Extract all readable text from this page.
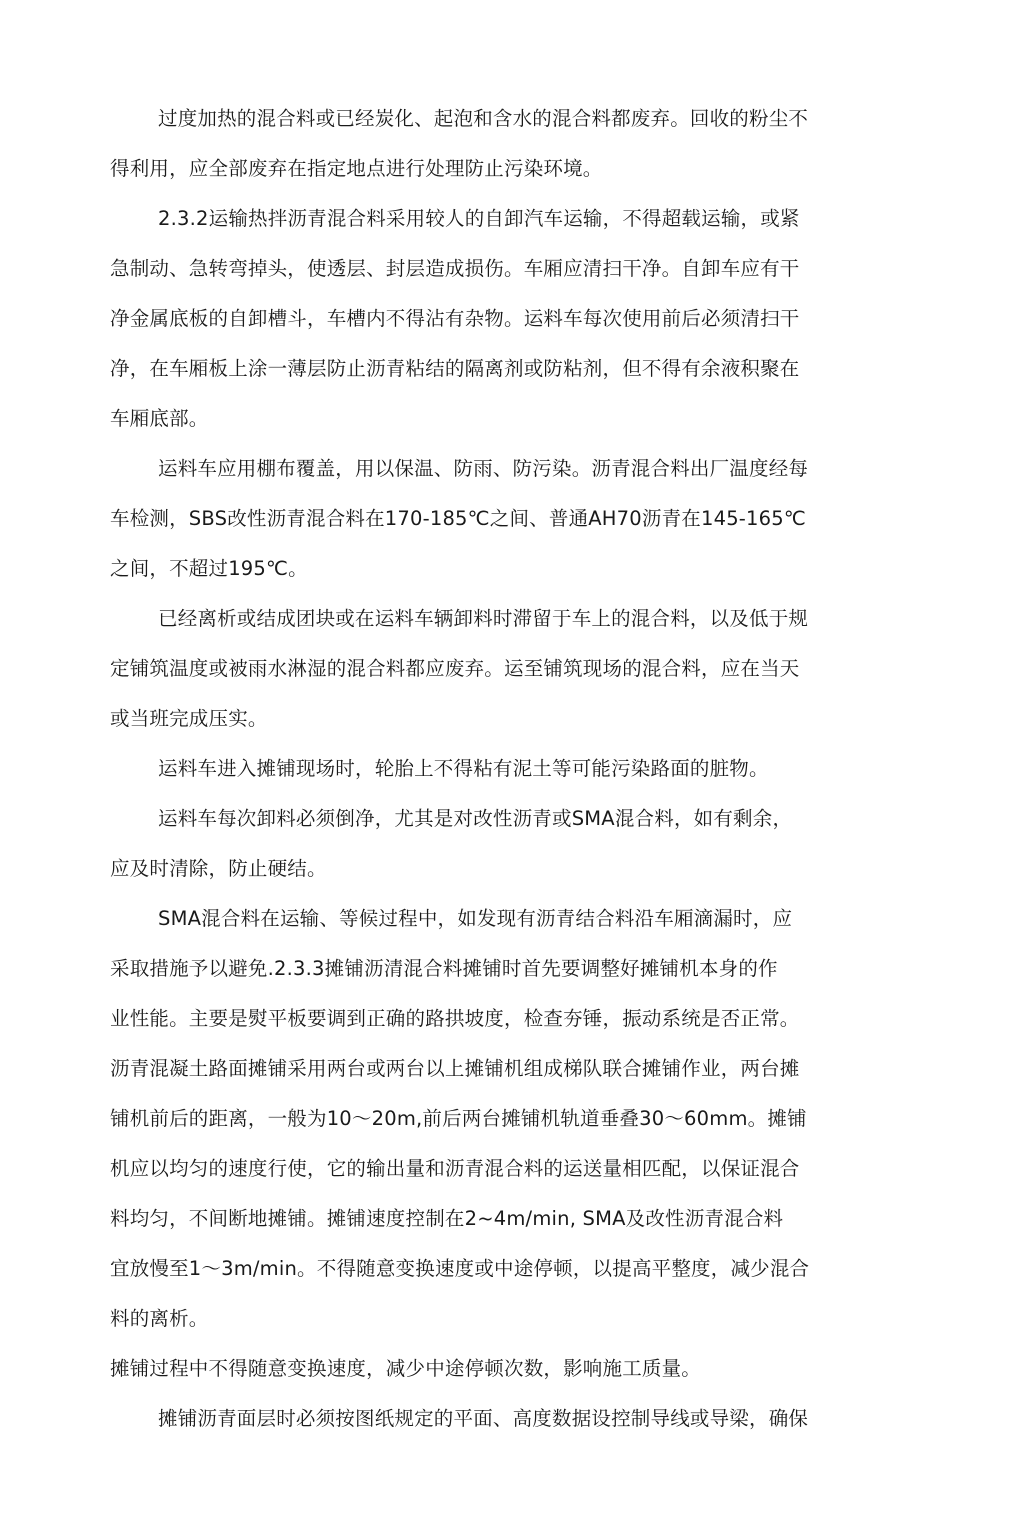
过度加热的混合料或已经炭化、起泡和含水的混合料都废弃。回收的粉尘不
得利用，应全部废弃在指定地点进行处理防止污染环境。
2.3.2运输热拌沥青混合料采用较人的自卸汽车运输，不得超载运输，或紧
急制动、急转弯掉头，使透层、封层造成损伤。车厢应清扫干净。自卸车应有干
净金属底板的自卸槽斗，车槽内不得沾有杂物。运料车每次使用前后必须清扫干
净，在车厢板上涂一薄层防止沥青粘结的隔离剂或防粘剂，但不得有余液积聚在
车厢底部。
运料车应用棚布覆盖，用以保温、防雨、防污染。沥青混合料出厂温度经每
车检测，SBS改性沥青混合料在170-185℃之间、普通AH70沥青在145-165℃
之间，不超过195℃。
已经离析或结成团块或在运料车辆卸料时滞留于车上的混合料，以及低于规
定铺筑温度或被雨水淋湿的混合料都应废弃。运至铺筑现场的混合料，应在当天
或当班完成压实。
运料车进入摊铺现场时，轮胎上不得粘有泥土等可能污染路面的脏物。
运料车每次卸料必须倒净，尤其是对改性沥青或SMA混合料，如有剩余，
应及时清除，防止硬结。
SMA混合料在运输、等候过程中，如发现有沥青结合料沿车厢滴漏时，应
采取措施予以避免.2.3.3摊铺沥清混合料摊铺时首先要调整好摊铺机本身的作
业性能。主要是熨平板要调到正确的路拱坡度，检查夯锤，振动系统是否正常。
沥青混凝土路面摊铺采用两台或两台以上摊铺机组成梯队联合摊铺作业，两台摊
铺机前后的距离，一般为10～20m,前后两台摊铺机轨道垂叠30～60mm。摊铺
机应以均匀的速度行使，它的输出量和沥青混合料的运送量相匹配，以保证混合
料均匀，不间断地摊铺。摊铺速度控制在2~4m/min, SMA及改性沥青混合料
宜放慢至1～3m/min。不得随意变换速度或中途停顿，以提高平整度，减少混合
料的离析。
摊铺过程中不得随意变换速度，减少中途停顿次数，影响施工质量。
摊铺沥青面层时必须按图纸规定的平面、高度数据设控制导线或导梁，确保
